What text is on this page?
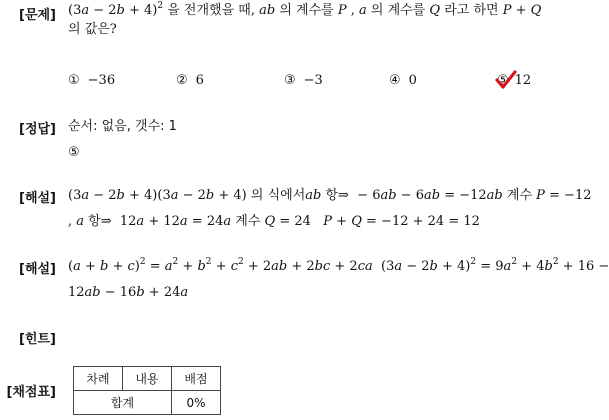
[문제]
[정답]
[해설]
[해설]
[힌트]
[채점표]
$(3a - 2b + 4)^2$ 을 전개했을 때, ab 의 계수를 P , a 의 계수를 Q 라고 하면 P + Q
의 값은?
① −36	② 6	③ −3	④ 0	⑤ 12
순서: 없음, 갯수: 1
⑤
(3a − 2b + 4)(3a − 2b + 4) 의 식에서ab 항⇒  − 6ab − 6ab = −12ab 계수 P = −12
, a 항⇒  12a + 12a = 24a 계수 Q = 24   P + Q = −12 + 24 = 12
$(a + b + c)^2 = a^2 + b^2 + c^2 + 2ab + 2bc + 2ca$  $(3a - 2b + 4)^2 = 9a^2 + 4b^2 + 16$ −
12ab − 16b + 24a
차례	내용	배점
합계		0%
